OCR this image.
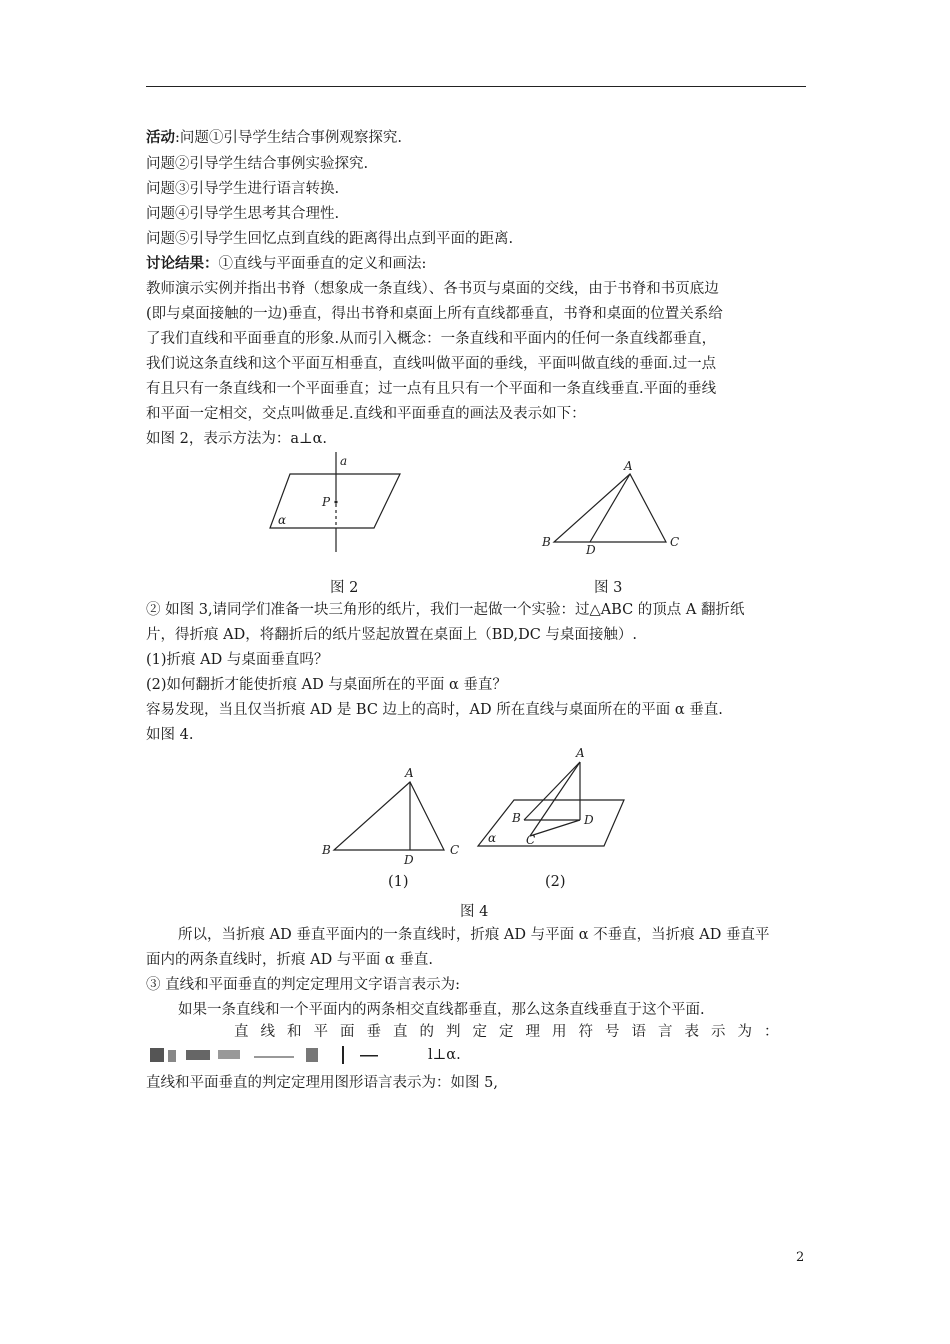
活动:问题①引导学生结合事例观察探究.
问题②引导学生结合事例实验探究.
问题③引导学生进行语言转换.
问题④引导学生思考其合理性.
问题⑤引导学生回忆点到直线的距离得出点到平面的距离.
讨论结果：①直线与平面垂直的定义和画法:
教师演示实例并指出书脊（想象成一条直线）、各书页与桌面的交线，由于书脊和书页底边
(即与桌面接触的一边)垂直，得出书脊和桌面上所有直线都垂直，书脊和桌面的位置关系给
了我们直线和平面垂直的形象.从而引入概念：一条直线和平面内的任何一条直线都垂直，
我们说这条直线和这个平面互相垂直，直线叫做平面的垂线，平面叫做直线的垂面.过一点
有且只有一条直线和一个平面垂直；过一点有且只有一个平面和一条直线垂直.平面的垂线
和平面一定相交，交点叫做垂足.直线和平面垂直的画法及表示如下：
如图 2，表示方法为：a⊥α.
a
P
α
图 2
A
B	C
D
图 3
② 如图 3,请同学们准备一块三角形的纸片，我们一起做一个实验：过△ABC 的顶点 A 翻折纸
片，得折痕 AD，将翻折后的纸片竖起放置在桌面上（BD,DC 与桌面接触）.
(1)折痕 AD 与桌面垂直吗？
(2)如何翻折才能使折痕 AD 与桌面所在的平面 α 垂直？
容易发现，当且仅当折痕 AD 是 BC 边上的高时，AD 所在直线与桌面所在的平面 α 垂直.
如图 4.
A
B	C
D
A
B
C
D
α
(1)	(2)
图 4
所以，当折痕 AD 垂直平面内的一条直线时，折痕 AD 与平面 α 不垂直，当折痕 AD 垂直平
面内的两条直线时，折痕 AD 与平面 α 垂直.
③ 直线和平面垂直的判定定理用文字语言表示为:
如果一条直线和一个平面内的两条相交直线都垂直，那么这条直线垂直于这个平面.
直线和平面垂直的判定定理用符号语言表示为：
l⊥α.
直线和平面垂直的判定定理用图形语言表示为：如图 5,
2
